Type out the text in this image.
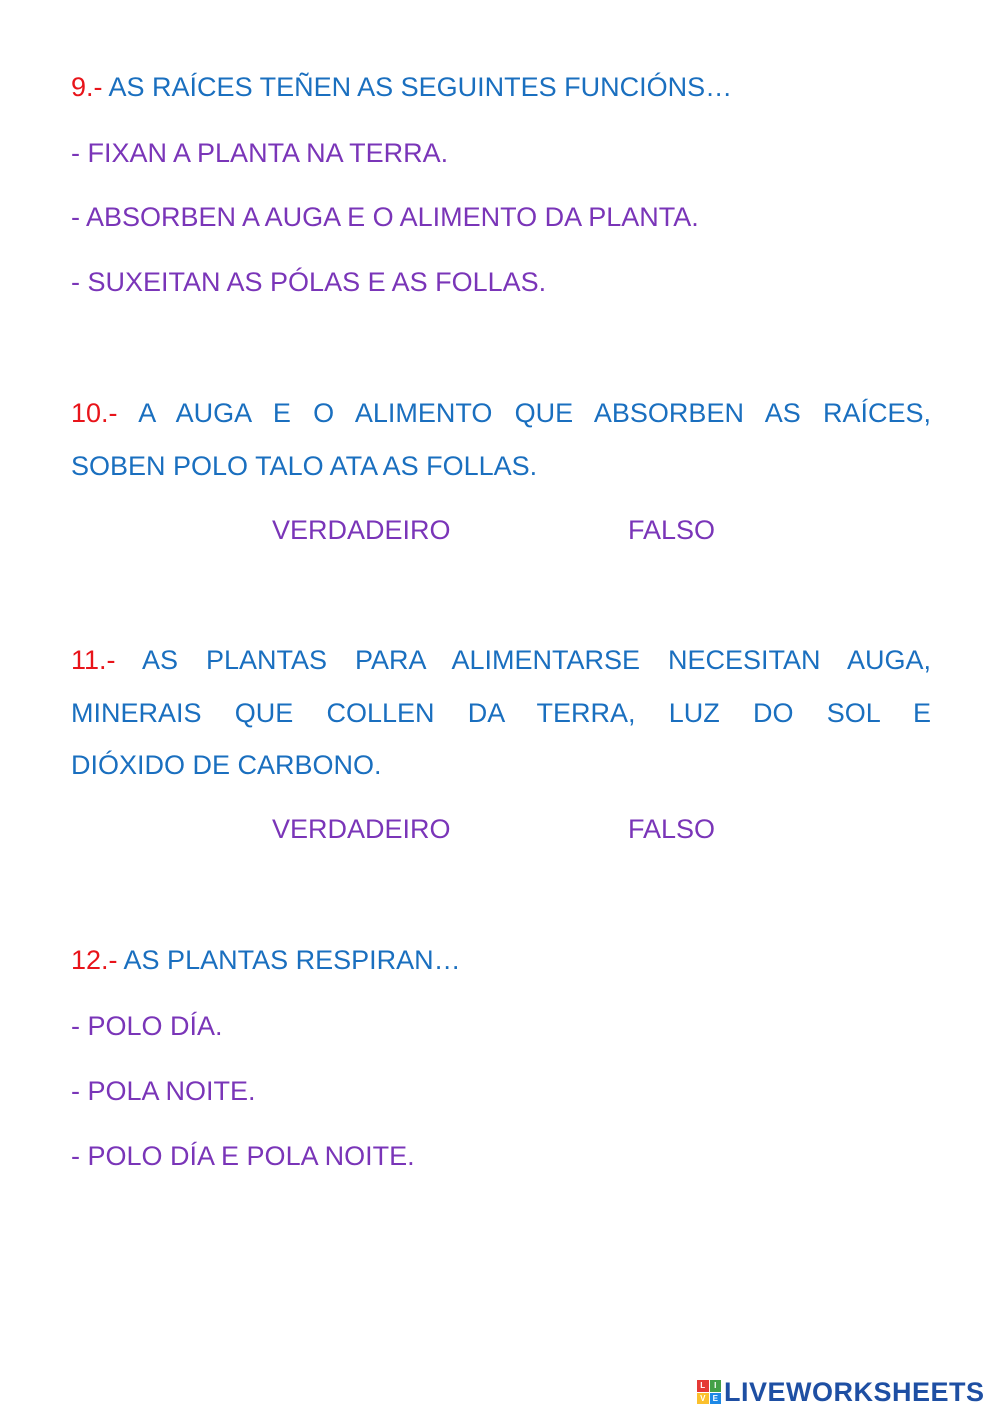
9.- AS RAÍCES TEÑEN AS SEGUINTES FUNCIÓNS…
- FIXAN A PLANTA NA TERRA.
- ABSORBEN A AUGA E O ALIMENTO DA PLANTA.
- SUXEITAN AS PÓLAS E AS FOLLAS.
10.- A AUGA E O ALIMENTO QUE ABSORBEN AS RAÍCES,
SOBEN POLO TALO ATA AS FOLLAS.
VERDADEIRO	FALSO
11.- AS PLANTAS PARA ALIMENTARSE NECESITAN AUGA,
MINERAIS QUE COLLEN DA TERRA, LUZ DO SOL E
DIÓXIDO DE CARBONO.
VERDADEIRO	FALSO
12.- AS PLANTAS RESPIRAN…
- POLO DÍA.
- POLA NOITE.
- POLO DÍA E POLA NOITE.
L	I
V E LIVEWORKSHEETS
